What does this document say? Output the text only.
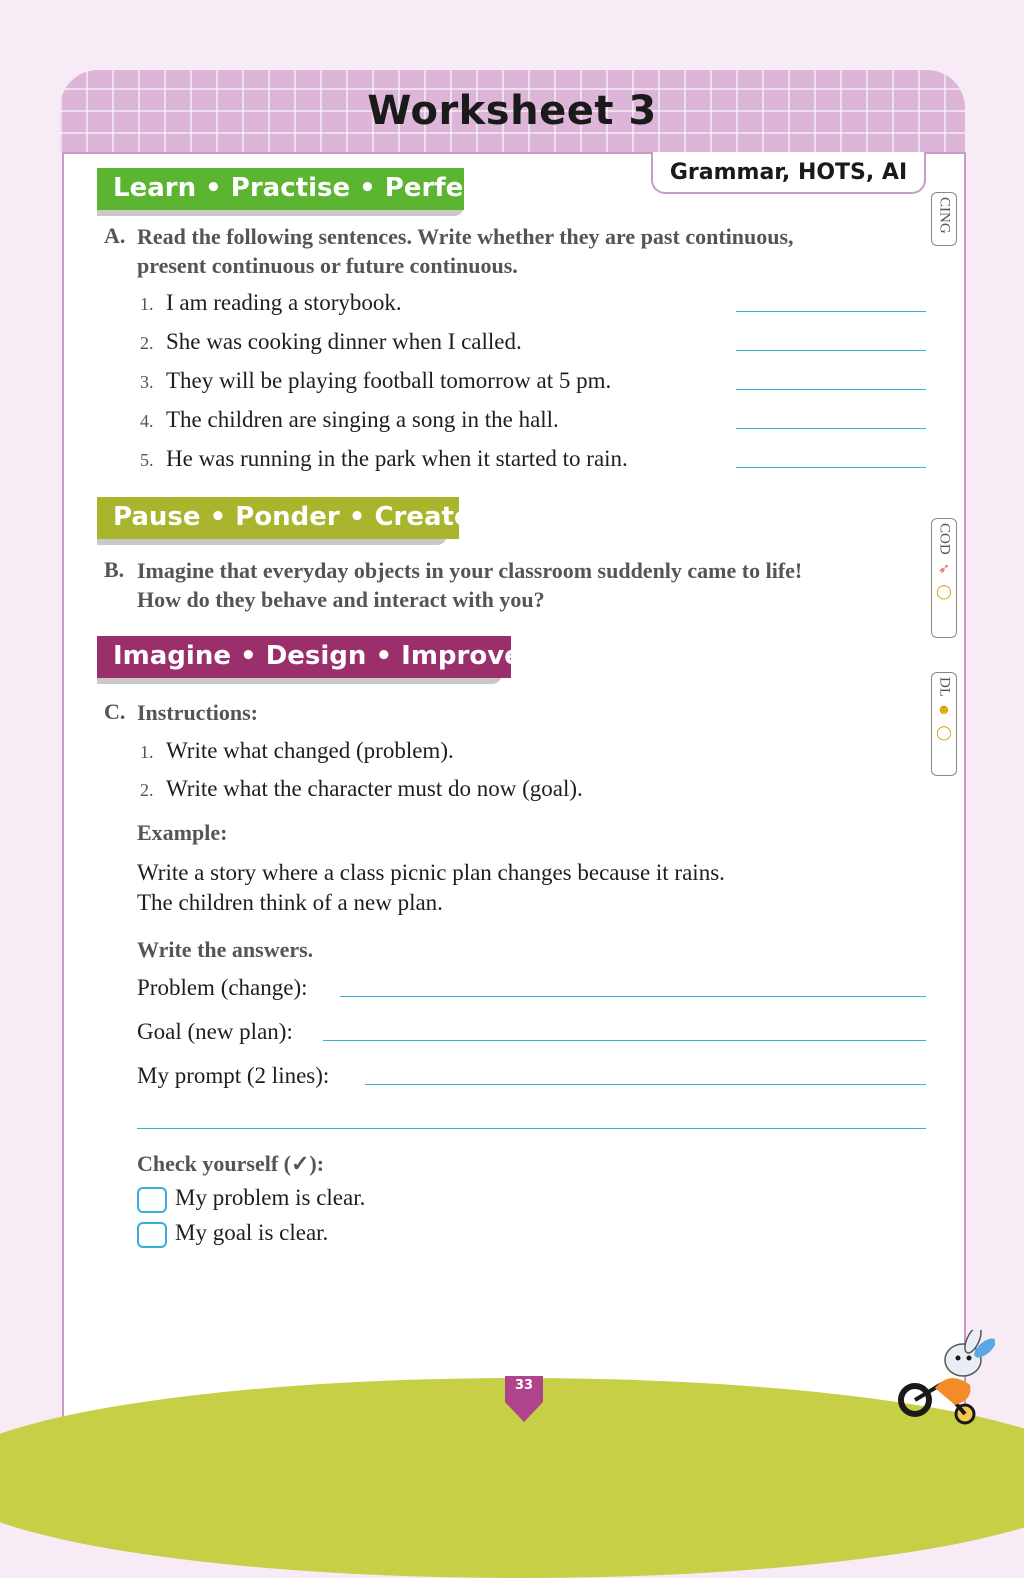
Worksheet 3
Grammar, HOTS, AI
Learn • Practise • Perfect
A. Read the following sentences. Write whether they are past continuous,
present continuous or future continuous.
1. I am reading a storybook.
2. She was cooking dinner when I called.
3. They will be playing football tomorrow at 5 pm.
4. The children are singing a song in the hall.
5. He was running in the park when it started to rain.
Pause • Ponder • Create
B. Imagine that everyday objects in your classroom suddenly came to life!
How do they behave and interact with you?
Imagine • Design • Improve
C. Instructions:
1. Write what changed (problem).
2. Write what the character must do now (goal).
Example:
Write a story where a class picnic plan changes because it rains.
The children think of a new plan.
Write the answers.
Problem (change):
Goal (new plan):
My prompt (2 lines):
Check yourself (✓):
My problem is clear.
My goal is clear.
CING
COD
➶
◯
DL
☻
◯
33
